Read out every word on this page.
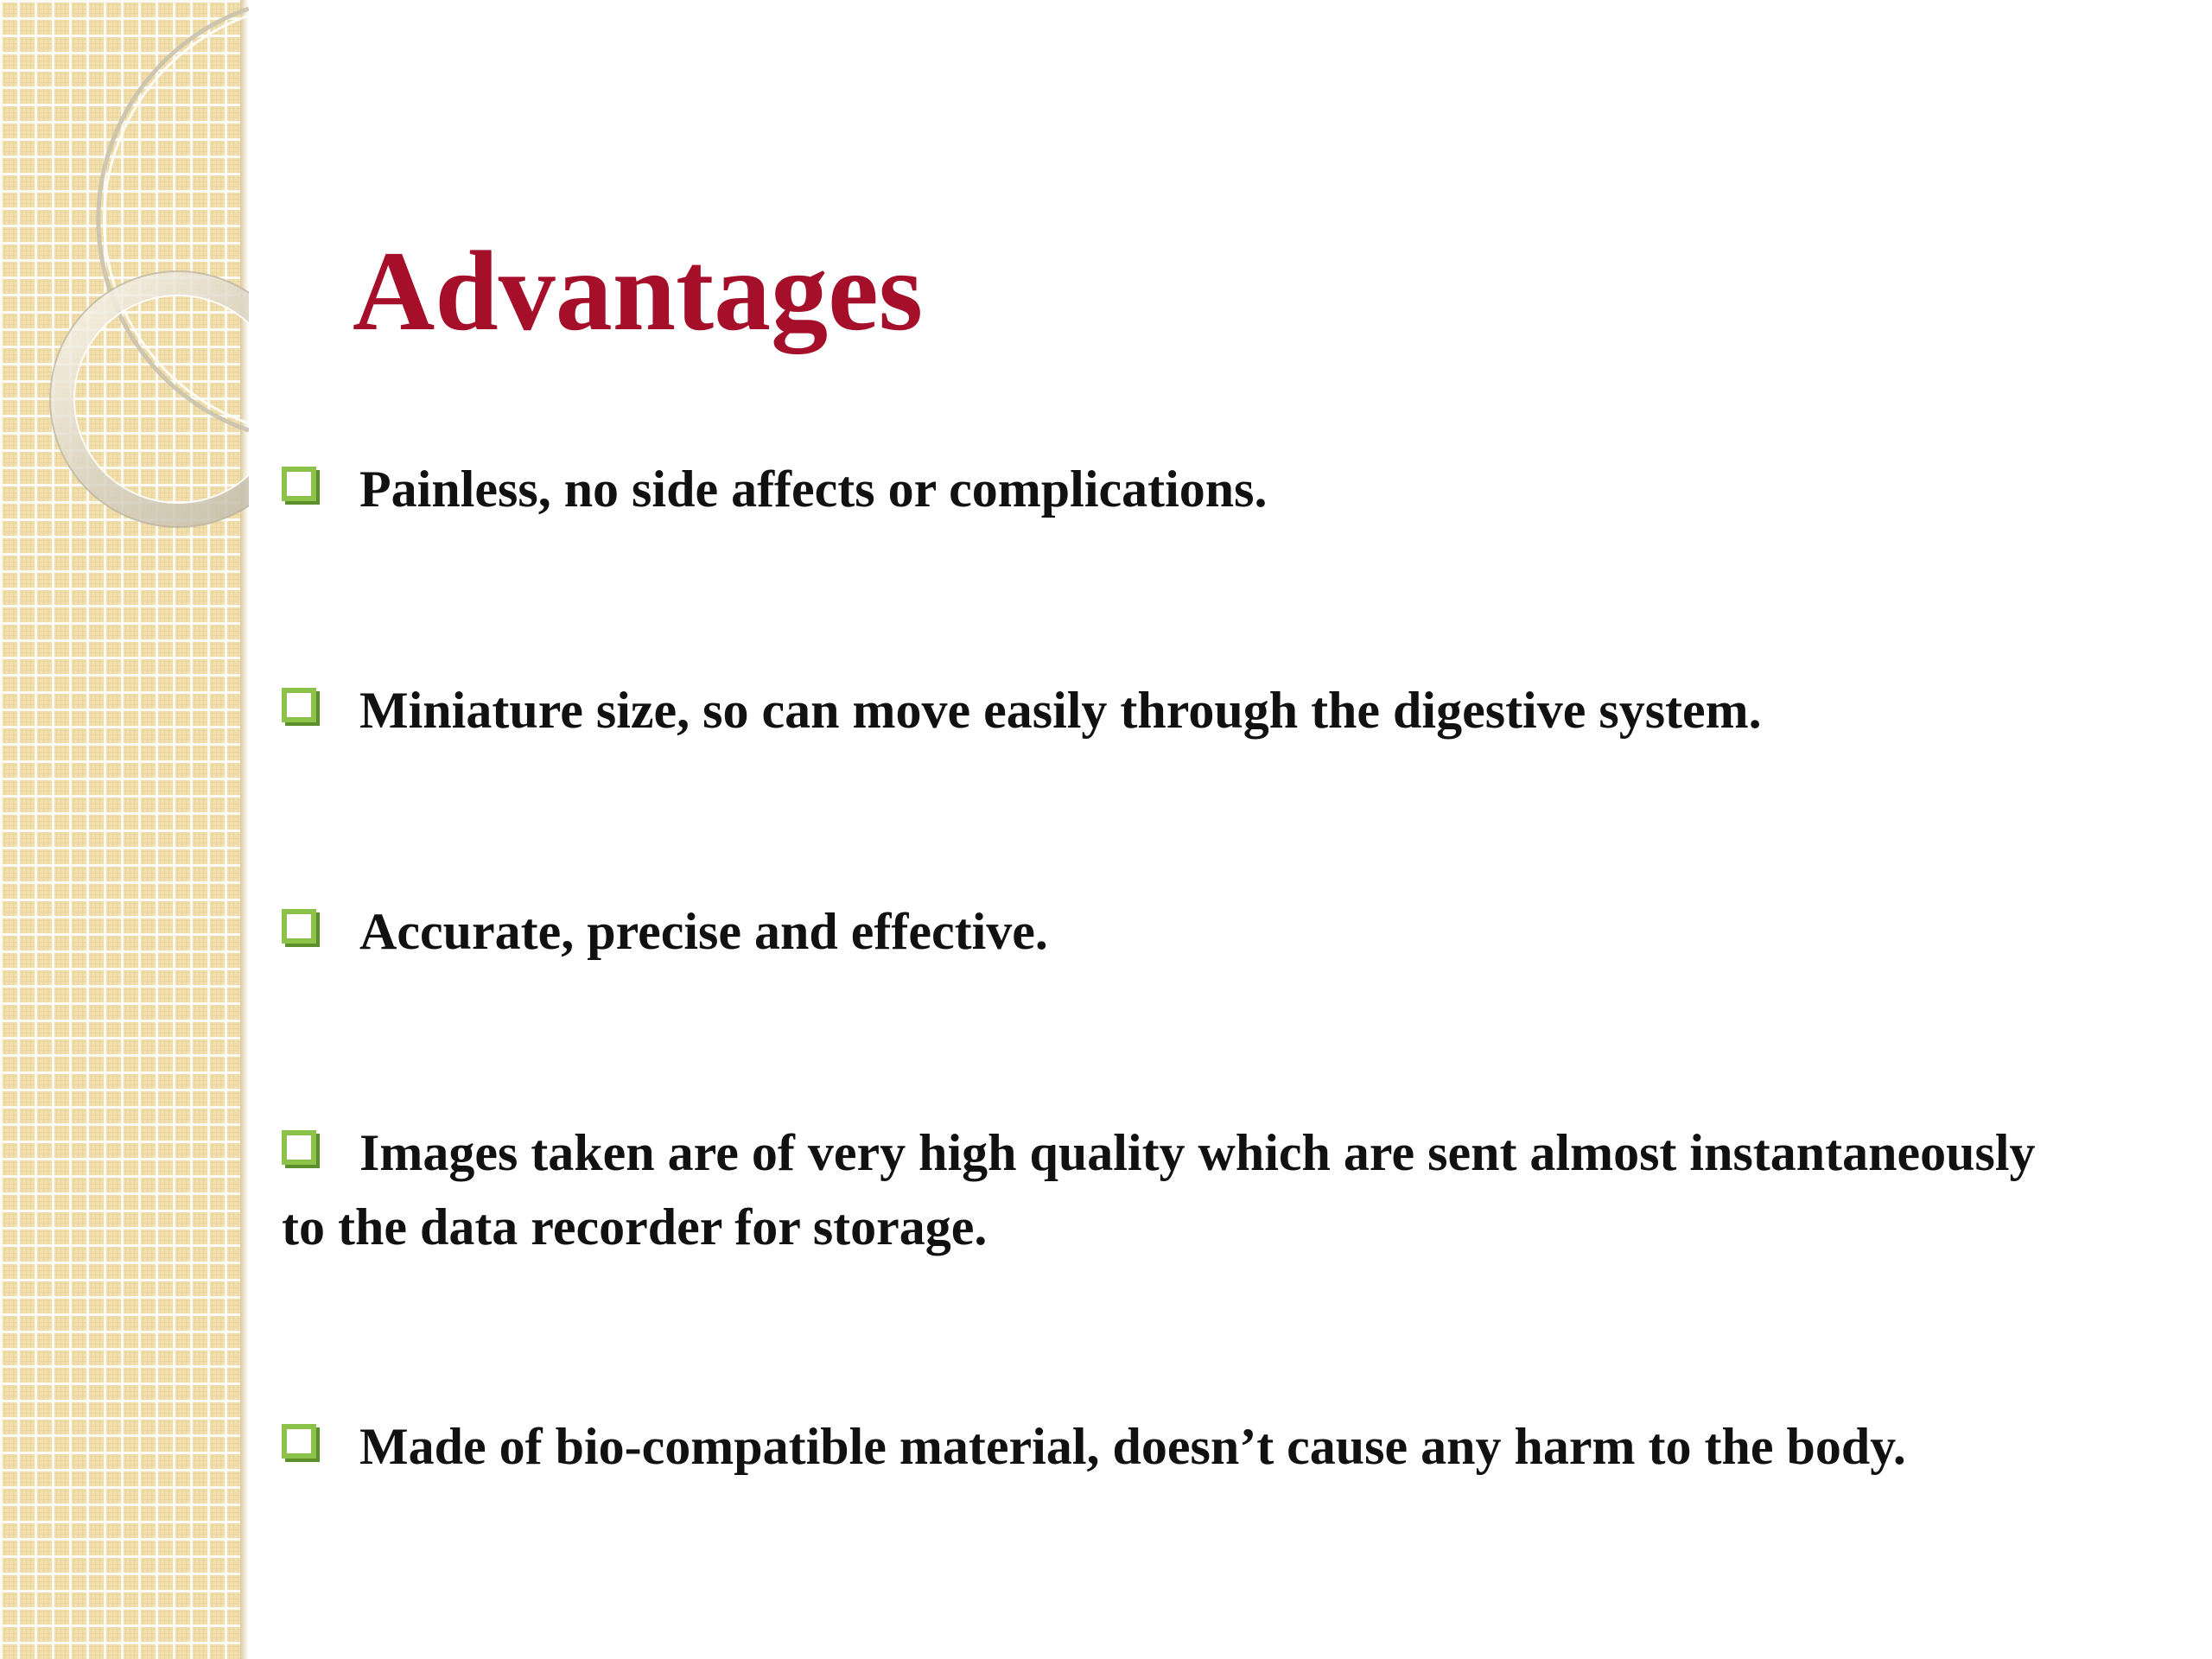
Advantages
Painless, no side affects or complications.
Miniature size, so can move easily through the digestive system.
Accurate, precise and effective.
Images taken are of very high quality which are sent almost instantaneously to the data recorder for storage.
Made of bio-compatible material, doesn’t cause any harm to the body.
